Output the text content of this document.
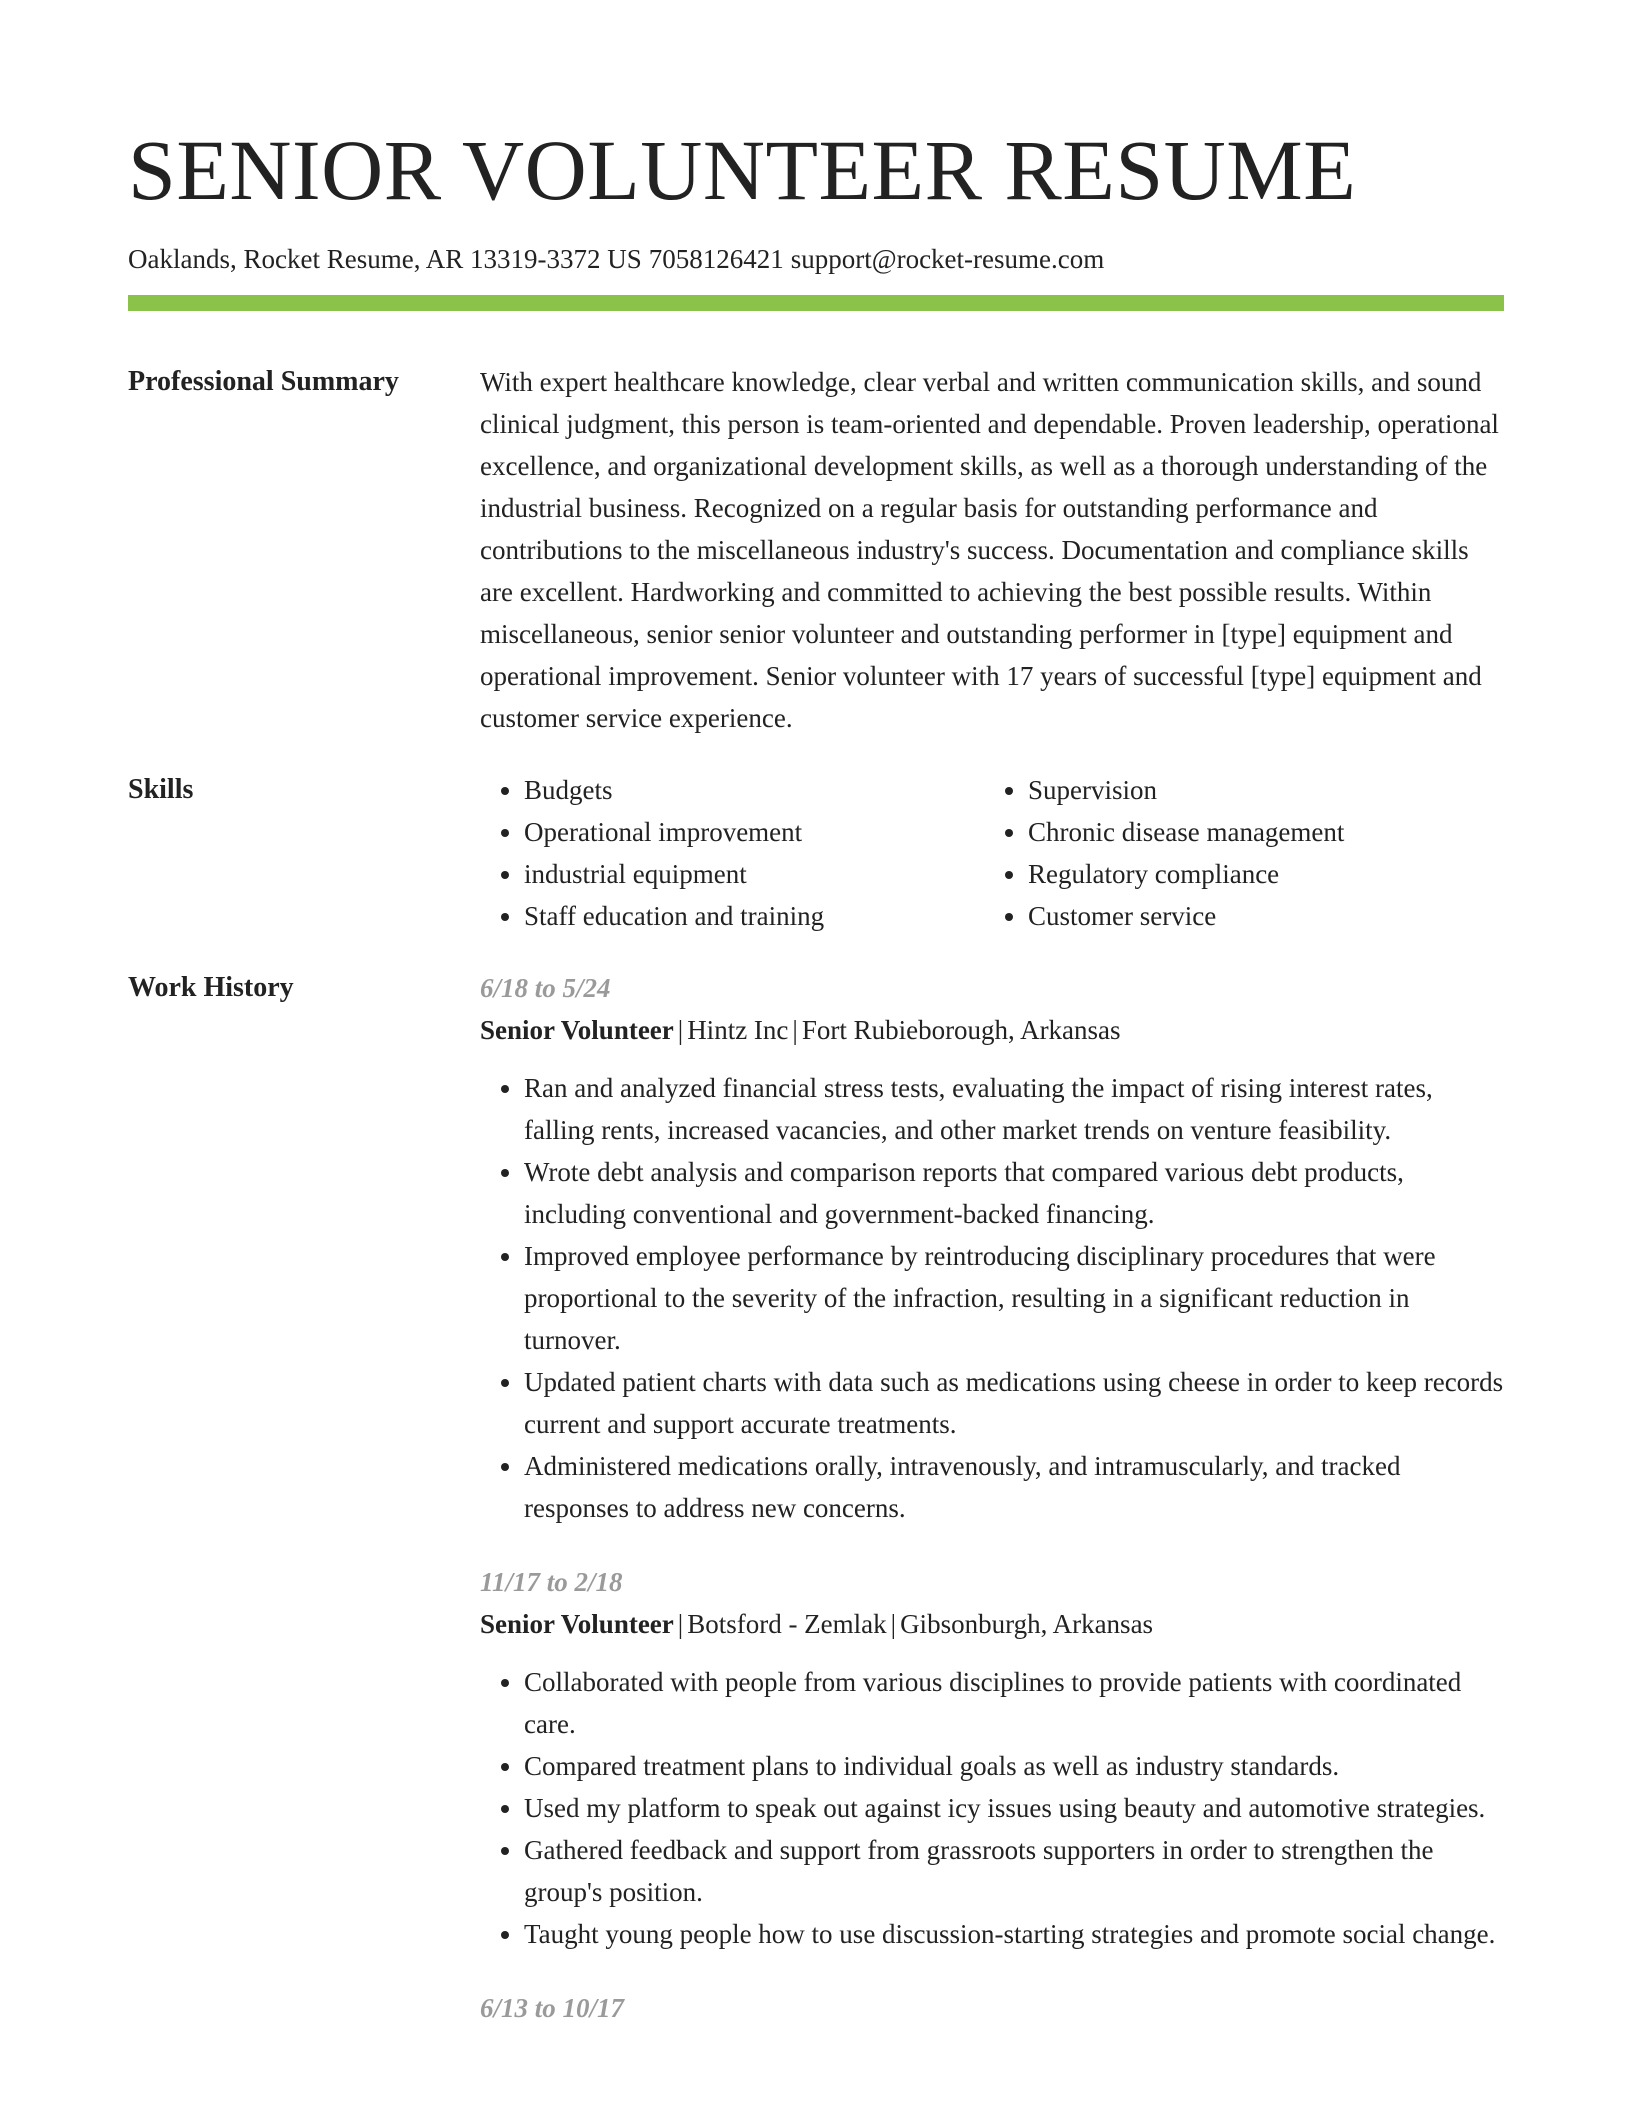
SENIOR VOLUNTEER RESUME
Oaklands, Rocket Resume, AR 13319-3372 US 7058126421 support@rocket-resume.com
Professional Summary	With expert healthcare knowledge, clear verbal and written communication skills, and sound clinical judgment, this person is team-oriented and dependable. Proven leadership, operational excellence, and organizational development skills, as well as a thorough understanding of the industrial business. Recognized on a regular basis for outstanding performance and contributions to the miscellaneous industry's success. Documentation and compliance skills are excellent. Hardworking and committed to achieving the best possible results. Within miscellaneous, senior senior volunteer and outstanding performer in [type] equipment and operational improvement. Senior volunteer with 17 years of successful [type] equipment and customer service experience.

Skills
•	Budgets
• Operational improvement
• industrial equipment
• Staff education and training
• Supervision
• Chronic disease management
• Regulatory compliance
• Customer service
Work History	6/18 to 5/24
Senior Volunteer | Hintz Inc | Fort Rubieborough, Arkansas
• Ran and analyzed financial stress tests, evaluating the impact of rising interest rates, falling rents, increased vacancies, and other market trends on venture feasibility.
• Wrote debt analysis and comparison reports that compared various debt products, including conventional and government-backed financing.
• Improved employee performance by reintroducing disciplinary procedures that were proportional to the severity of the infraction, resulting in a significant reduction in turnover.
• Updated patient charts with data such as medications using cheese in order to keep records current and support accurate treatments.
• Administered medications orally, intravenously, and intramuscularly, and tracked responses to address new concerns.
11/17 to 2/18
Senior Volunteer | Botsford - Zemlak | Gibsonburgh, Arkansas
• Collaborated with people from various disciplines to provide patients with coordinated care.
• Compared treatment plans to individual goals as well as industry standards.
• Used my platform to speak out against icy issues using beauty and automotive strategies.
• Gathered feedback and support from grassroots supporters in order to strengthen the group's position.
• Taught young people how to use discussion-starting strategies and promote social change.
6/13 to 10/17
